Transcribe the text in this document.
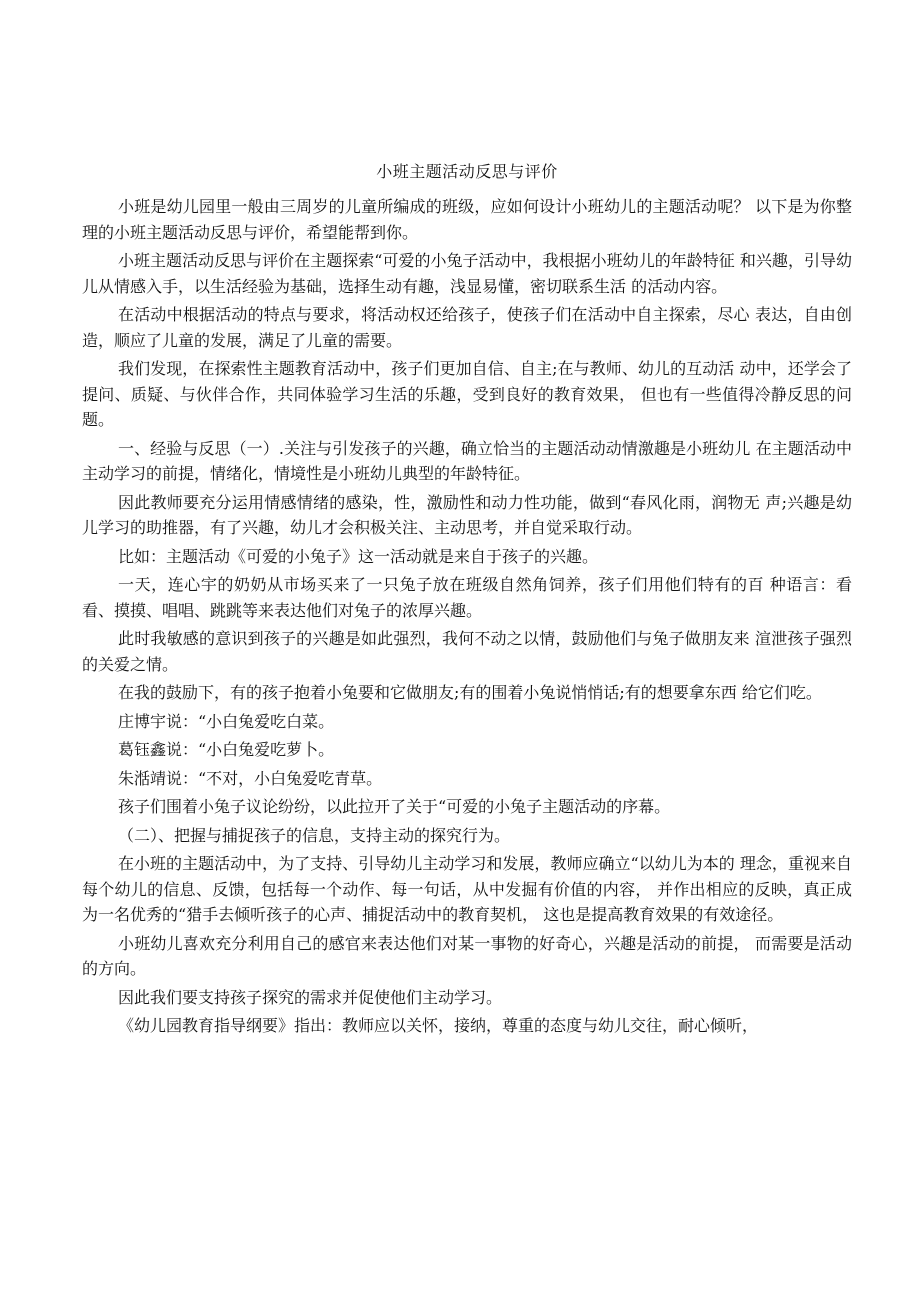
小班主题活动反思与评价

小班是幼儿园里一般由三周岁的儿童所编成的班级，应如何设计小班幼儿的主题活动呢？ 以下是为你整理的小班主题活动反思与评价，希望能帮到你。

小班主题活动反思与评价在主题探索“可爱的小兔子活动中，我根据小班幼儿的年龄特征 和兴趣，引导幼儿从情感入手，以生活经验为基础，选择生动有趣，浅显易懂，密切联系生活 的活动内容。

在活动中根据活动的特点与要求，将活动权还给孩子，使孩子们在活动中自主探索，尽心 表达，自由创造，顺应了儿童的发展，满足了儿童的需要。

我们发现，在探索性主题教育活动中，孩子们更加自信、自主;在与教师、幼儿的互动活 动中，还学会了提问、质疑、与伙伴合作，共同体验学习生活的乐趣，受到良好的教育效果， 但也有一些值得冷静反思的问题。

一、经验与反思（一）.关注与引发孩子的兴趣，确立恰当的主题活动动情激趣是小班幼儿 在主题活动中主动学习的前提，情绪化，情境性是小班幼儿典型的年龄特征。

因此教师要充分运用情感情绪的感染，性，激励性和动力性功能，做到“春风化雨，润物无 声;兴趣是幼儿学习的助推器，有了兴趣，幼儿才会积极关注、主动思考，并自觉采取行动。

比如：主题活动《可爱的小兔子》这一活动就是来自于孩子的兴趣。

一天，连心宇的奶奶从市场买来了一只兔子放在班级自然角饲养，孩子们用他们特有的百 种语言：看看、摸摸、唱唱、跳跳等来表达他们对兔子的浓厚兴趣。

此时我敏感的意识到孩子的兴趣是如此强烈，我何不动之以情，鼓励他们与兔子做朋友来 渲泄孩子强烈的关爱之情。

在我的鼓励下，有的孩子抱着小兔要和它做朋友;有的围着小兔说悄悄话;有的想要拿东西 给它们吃。

庄博宇说：“小白兔爱吃白菜。

葛钰鑫说：“小白兔爱吃萝卜。

朱湉靖说：“不对，小白兔爱吃青草。

孩子们围着小兔子议论纷纷，以此拉开了关于“可爱的小兔子主题活动的序幕。

（二）、把握与捕捉孩子的信息，支持主动的探究行为。

在小班的主题活动中，为了支持、引导幼儿主动学习和发展，教师应确立“以幼儿为本的 理念，重视来自每个幼儿的信息、反馈，包括每一个动作、每一句话，从中发掘有价值的内容， 并作出相应的反映，真正成为一名优秀的“猎手去倾听孩子的心声、捕捉活动中的教育契机， 这也是提高教育效果的有效途径。

小班幼儿喜欢充分利用自己的感官来表达他们对某一事物的好奇心，兴趣是活动的前提， 而需要是活动的方向。

因此我们要支持孩子探究的需求并促使他们主动学习。

《幼儿园教育指导纲要》指出：教师应以关怀，接纳，尊重的态度与幼儿交往，耐心倾听，
